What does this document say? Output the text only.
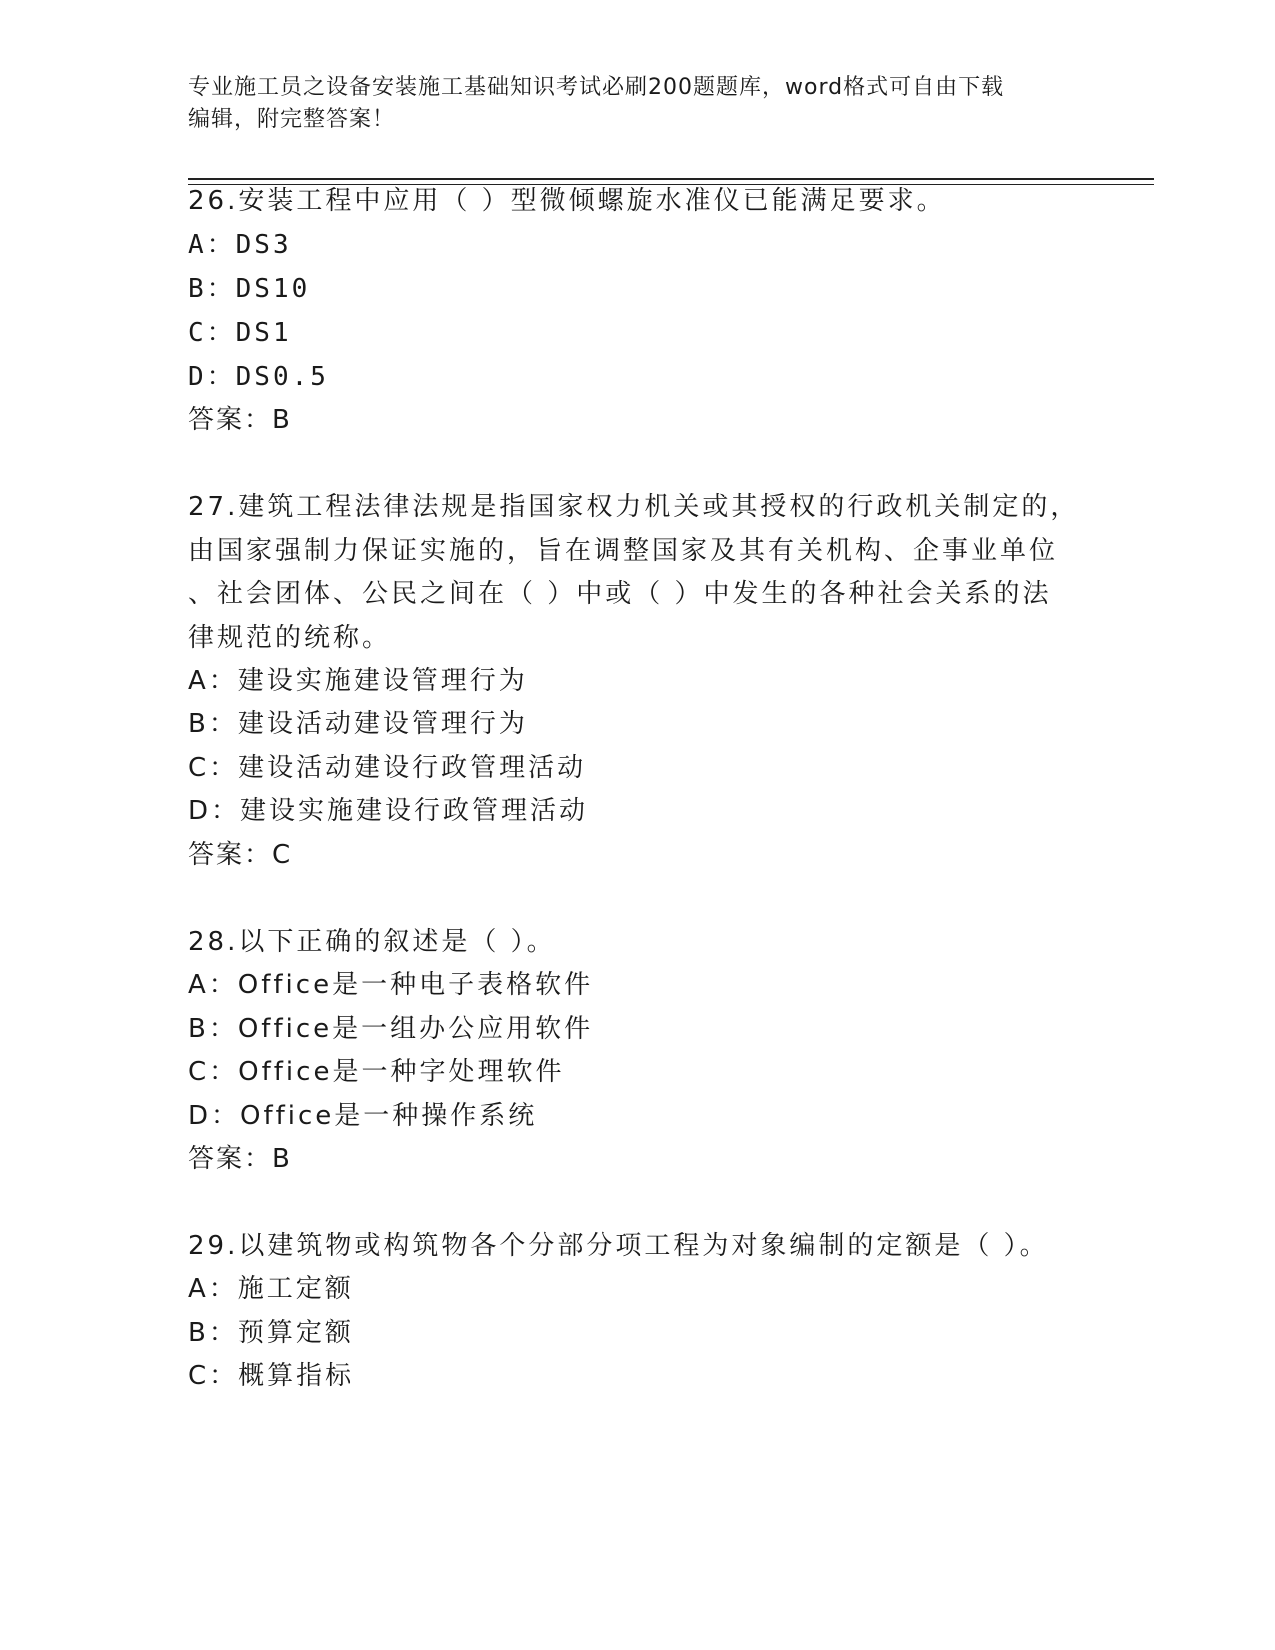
专业施工员之设备安装施工基础知识考试必刷200题题库，word格式可自由下载
编辑，附完整答案！
26.安装工程中应用（ ）型微倾螺旋水准仪已能满足要求。
A：DS3
B：DS10
C：DS1
D：DS0.5
答案：B
27.建筑工程法律法规是指国家权力机关或其授权的行政机关制定的，
由国家强制力保证实施的，旨在调整国家及其有关机构、企事业单位
、社会团体、公民之间在（ ）中或（ ）中发生的各种社会关系的法
律规范的统称。
A：建设实施建设管理行为
B：建设活动建设管理行为
C：建设活动建设行政管理活动
D：建设实施建设行政管理活动
答案：C
28.以下正确的叙述是（ ）。
A：Office是一种电子表格软件
B：Office是一组办公应用软件
C：Office是一种字处理软件
D：Office是一种操作系统
答案：B
29.以建筑物或构筑物各个分部分项工程为对象编制的定额是（ ）。
A：施工定额
B：预算定额
C：概算指标
